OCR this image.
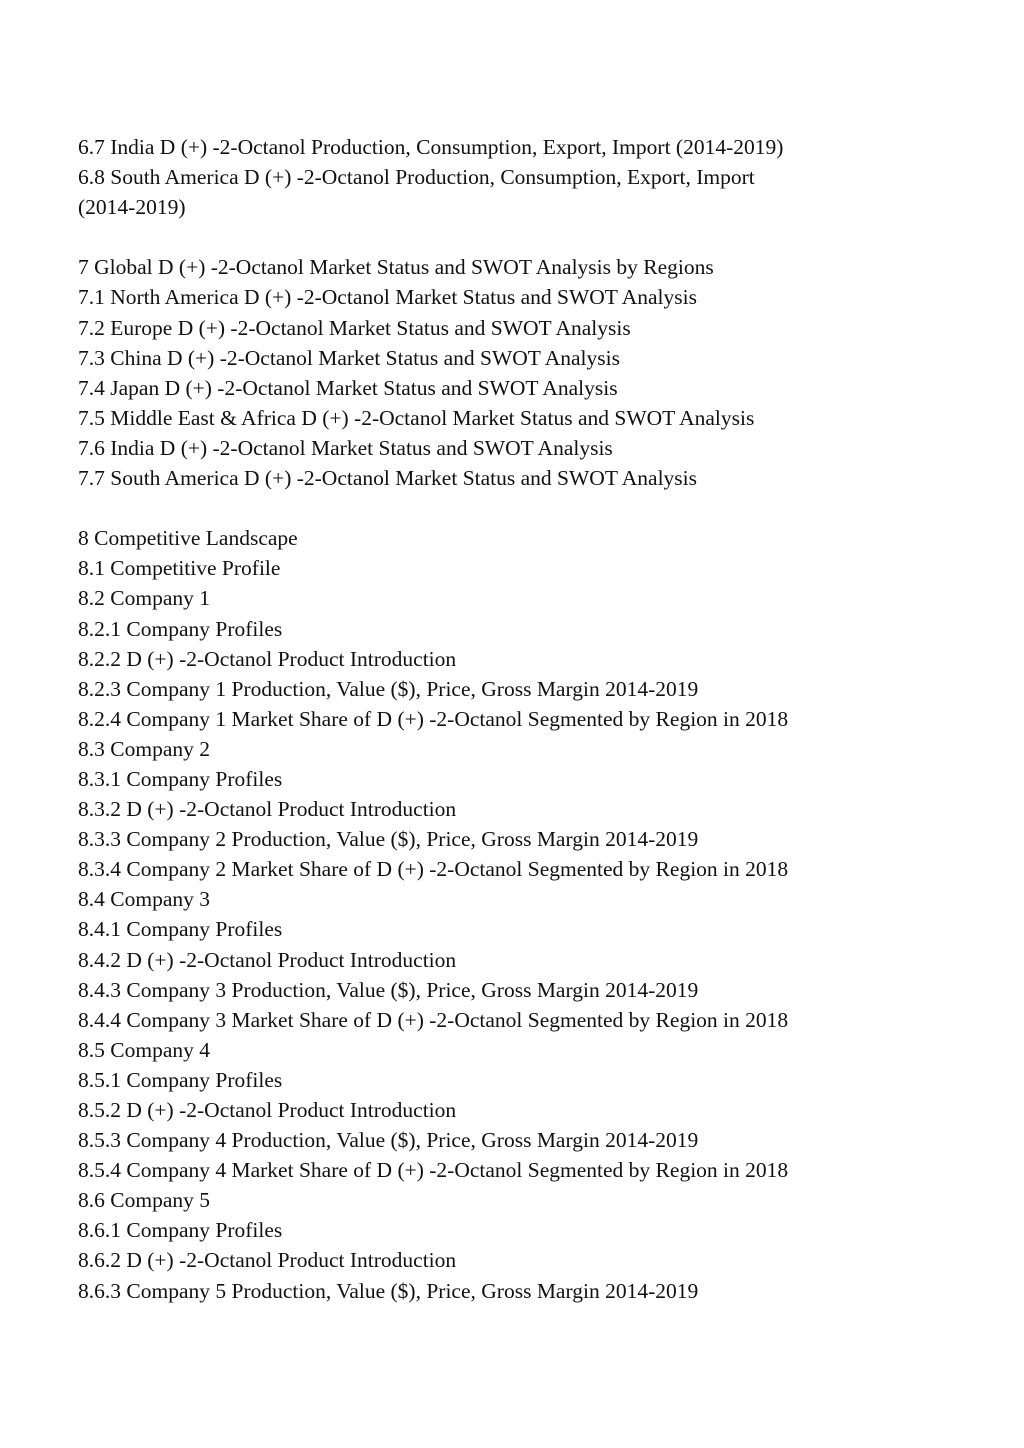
6.7 India D (+) -2-Octanol Production, Consumption, Export, Import (2014-2019)
6.8 South America D (+) -2-Octanol Production, Consumption, Export, Import
(2014-2019)
7 Global D (+) -2-Octanol Market Status and SWOT Analysis by Regions
7.1 North America D (+) -2-Octanol Market Status and SWOT Analysis
7.2 Europe D (+) -2-Octanol Market Status and SWOT Analysis
7.3 China D (+) -2-Octanol Market Status and SWOT Analysis
7.4 Japan D (+) -2-Octanol Market Status and SWOT Analysis
7.5 Middle East & Africa D (+) -2-Octanol Market Status and SWOT Analysis
7.6 India D (+) -2-Octanol Market Status and SWOT Analysis
7.7 South America D (+) -2-Octanol Market Status and SWOT Analysis
8 Competitive Landscape
8.1 Competitive Profile
8.2 Company 1
8.2.1 Company Profiles
8.2.2 D (+) -2-Octanol Product Introduction
8.2.3 Company 1 Production, Value ($), Price, Gross Margin 2014-2019
8.2.4 Company 1 Market Share of D (+) -2-Octanol Segmented by Region in 2018
8.3 Company 2
8.3.1 Company Profiles
8.3.2 D (+) -2-Octanol Product Introduction
8.3.3 Company 2 Production, Value ($), Price, Gross Margin 2014-2019
8.3.4 Company 2 Market Share of D (+) -2-Octanol Segmented by Region in 2018
8.4 Company 3
8.4.1 Company Profiles
8.4.2 D (+) -2-Octanol Product Introduction
8.4.3 Company 3 Production, Value ($), Price, Gross Margin 2014-2019
8.4.4 Company 3 Market Share of D (+) -2-Octanol Segmented by Region in 2018
8.5 Company 4
8.5.1 Company Profiles
8.5.2 D (+) -2-Octanol Product Introduction
8.5.3 Company 4 Production, Value ($), Price, Gross Margin 2014-2019
8.5.4 Company 4 Market Share of D (+) -2-Octanol Segmented by Region in 2018
8.6 Company 5
8.6.1 Company Profiles
8.6.2 D (+) -2-Octanol Product Introduction
8.6.3 Company 5 Production, Value ($), Price, Gross Margin 2014-2019
